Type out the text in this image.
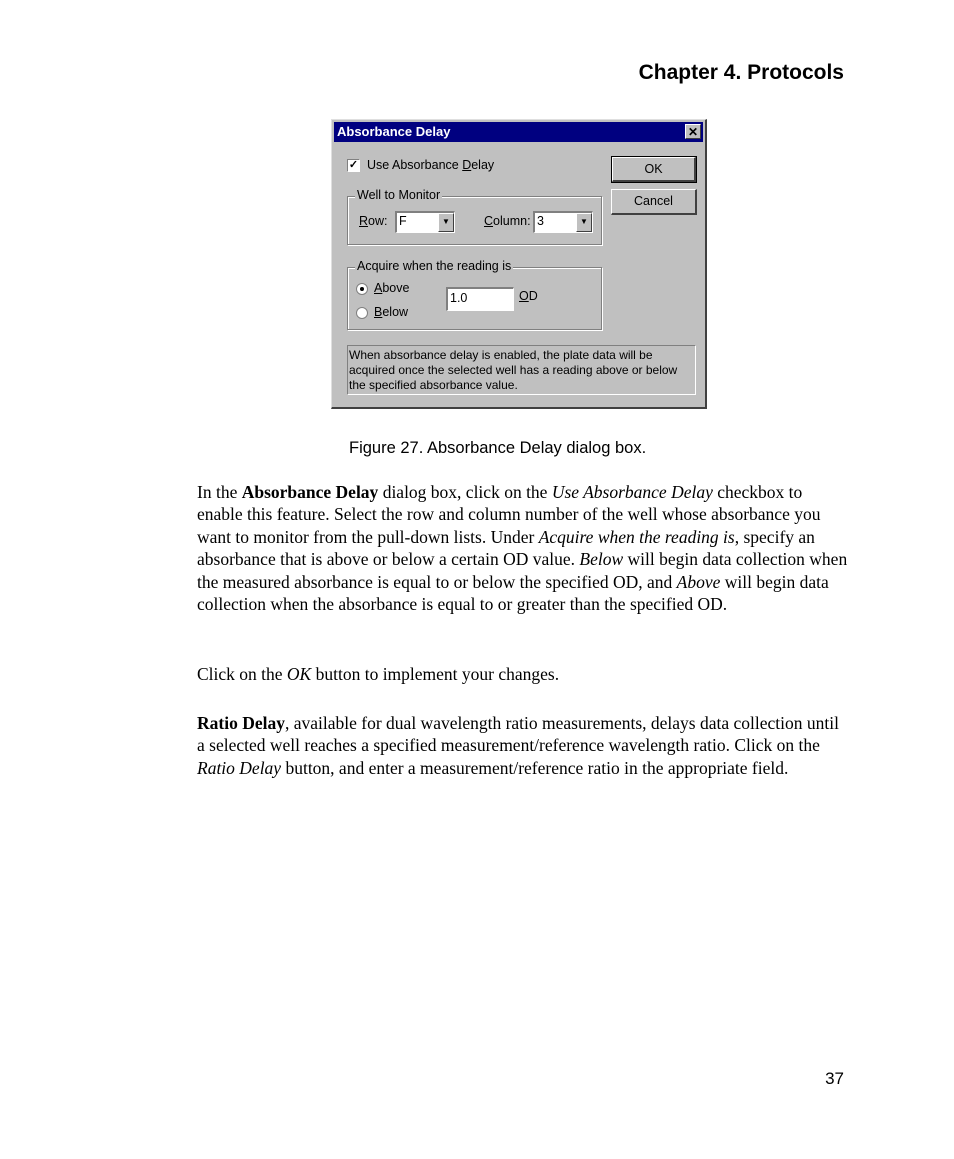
Chapter 4. Protocols
Absorbance Delay	✕
✓ Use Absorbance Delay	OK
Cancel
Well to Monitor
Row: F	▼	Column: 3	▼
Acquire when the reading is
Above
Below
1.0	OD
When absorbance delay is enabled, the plate data will be acquired once the selected well has a reading above or below the specified absorbance value.
Figure 27. Absorbance Delay dialog box.

In the Absorbance Delay dialog box, click on the Use Absorbance Delay checkbox to enable this feature. Select the row and column number of the well whose absorbance you want to monitor from the pull-down lists. Under Acquire when the reading is, specify an absorbance that is above or below a certain OD value. Below will begin data collection when the measured absorbance is equal to or below the specified OD, and Above will begin data collection when the absorbance is equal to or greater than the specified OD.

Click on the OK button to implement your changes.

Ratio Delay, available for dual wavelength ratio measurements, delays data collection until a selected well reaches a specified measurement/reference wavelength ratio. Click on the Ratio Delay button, and enter a measurement/reference ratio in the appropriate field.

37
